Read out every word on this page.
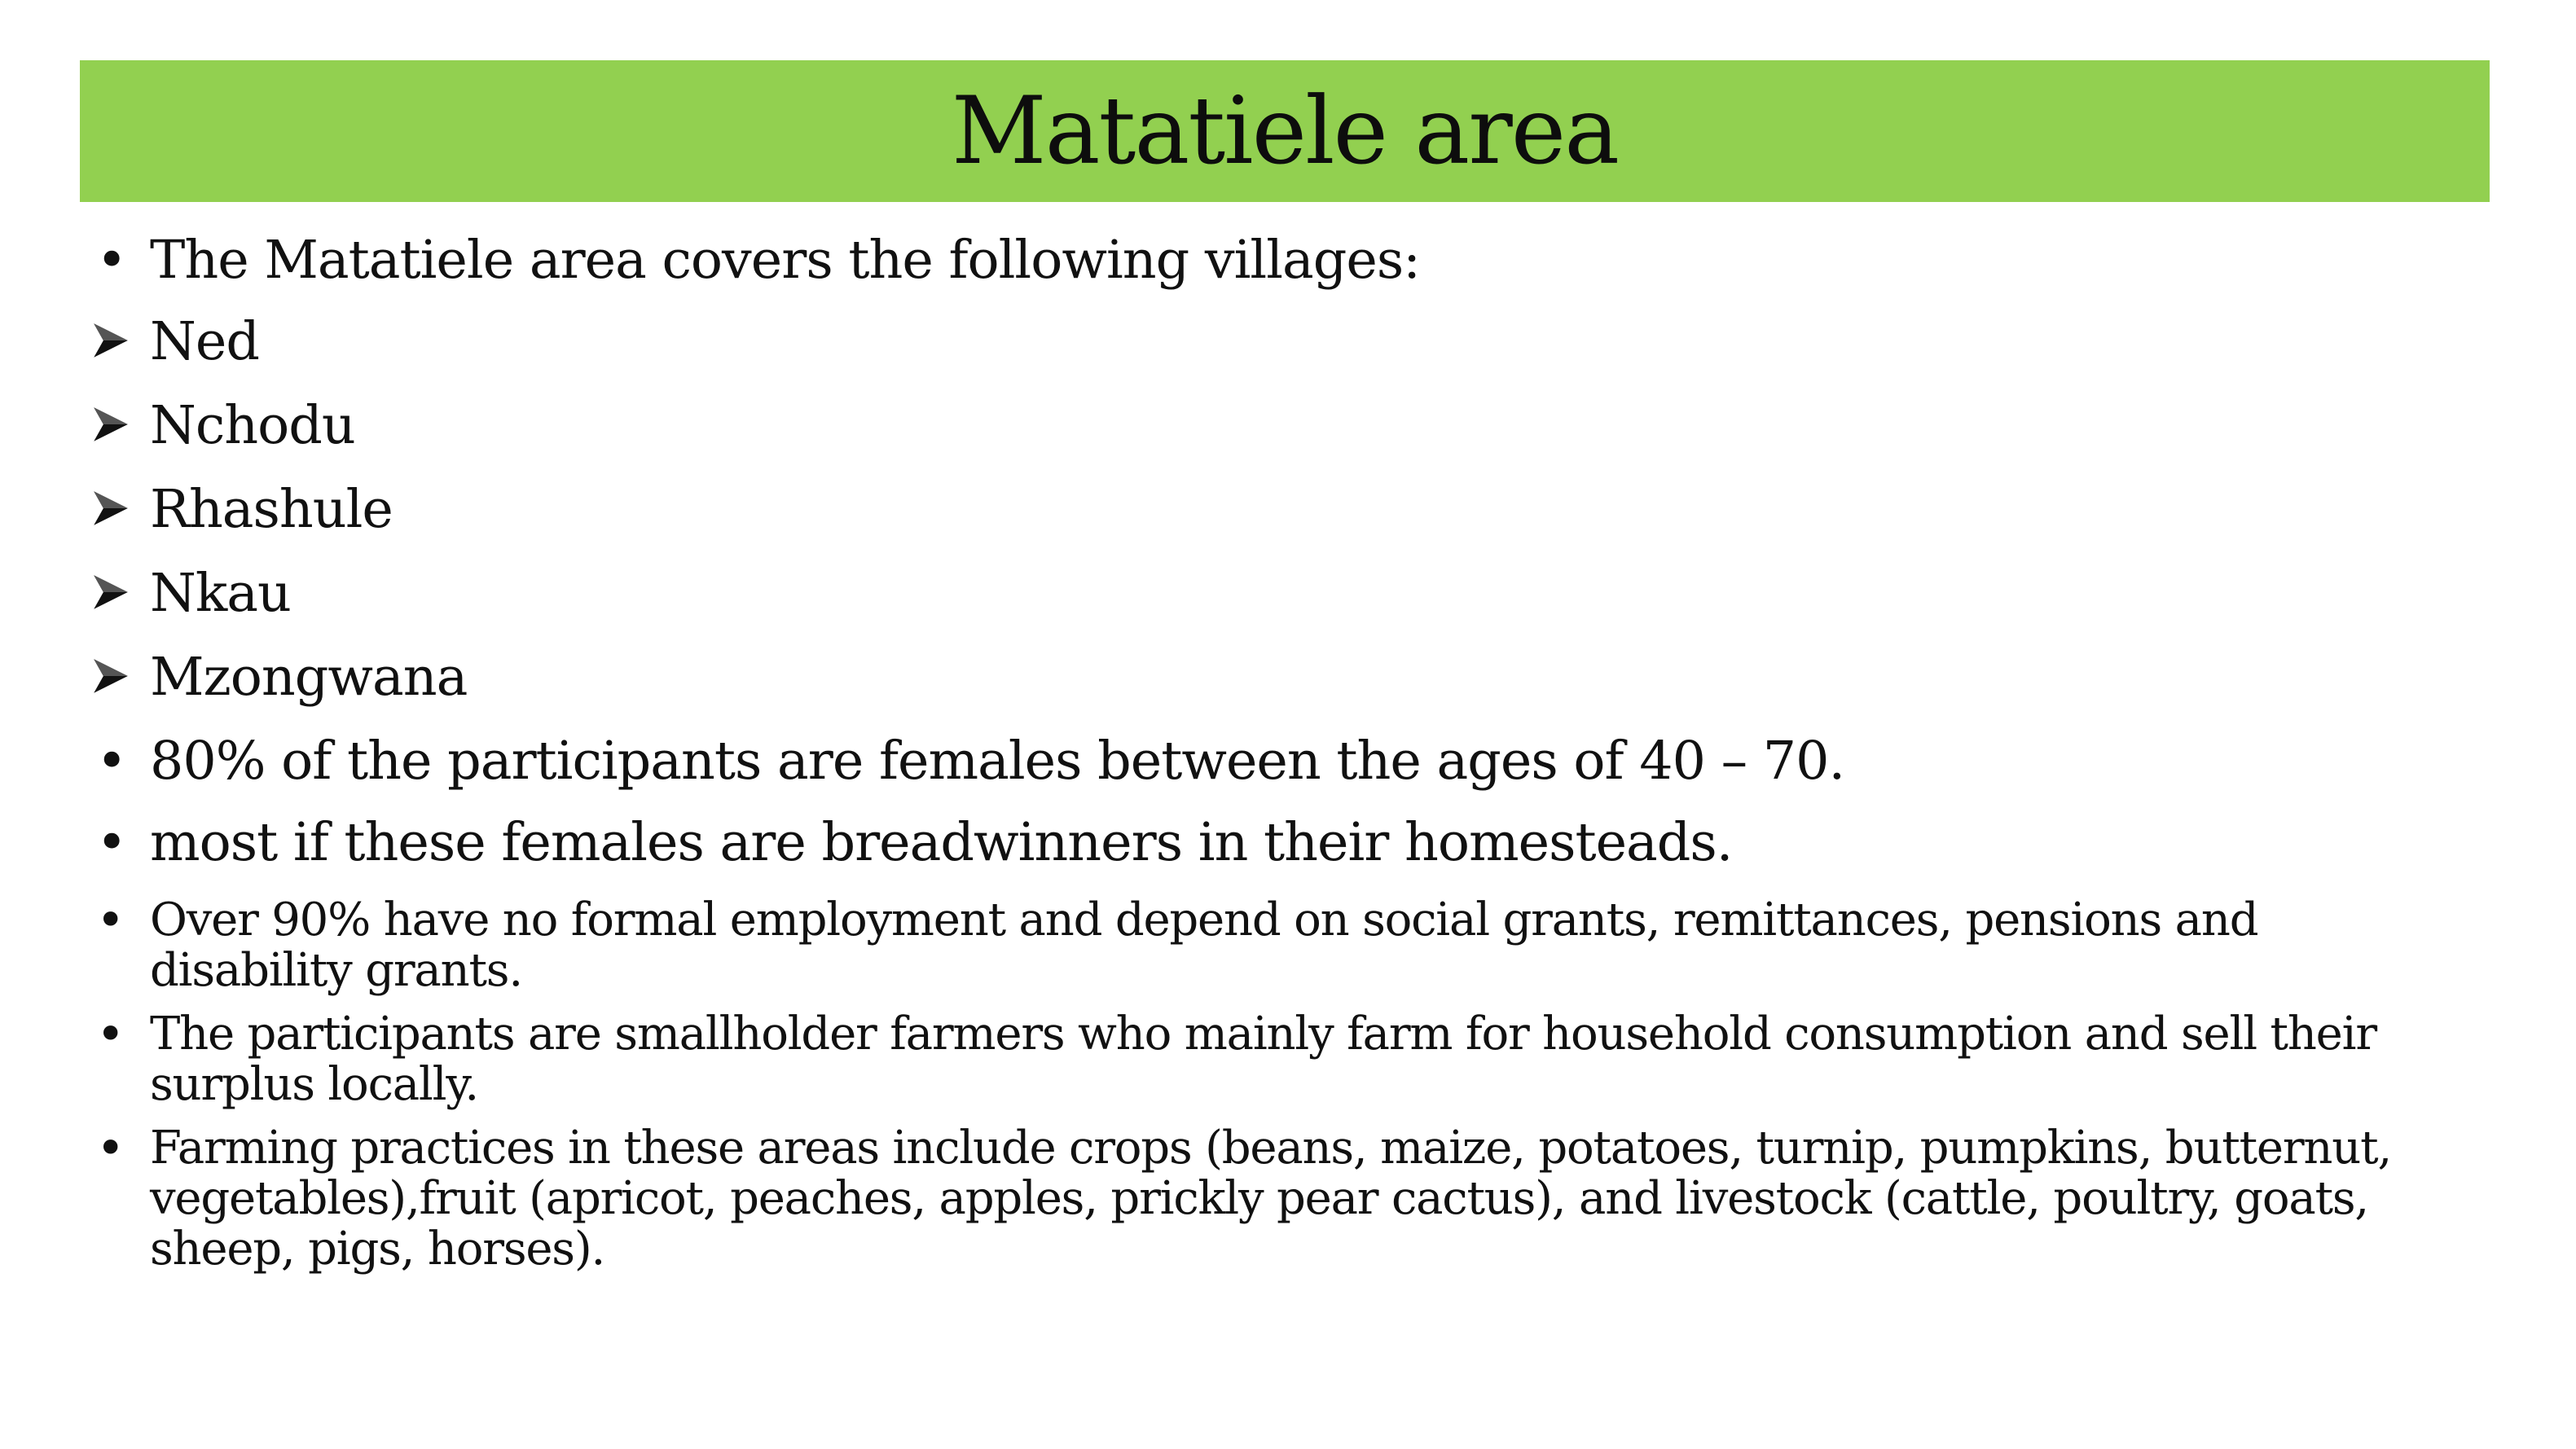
Matatiele area
• The Matatiele area covers the following villages:
Ned
Nchodu
Rhashule
Nkau
Mzongwana
• 80% of the participants are females between the ages of 40 – 70.
• most if these females are breadwinners in their homesteads.
• Over 90% have no formal employment and depend on social grants, remittances, pensions and disability grants.
• The participants are smallholder farmers who mainly farm for household consumption and sell their surplus locally.
• Farming practices in these areas include crops (beans, maize, potatoes, turnip, pumpkins, butternut, vegetables),fruit (apricot, peaches, apples, prickly pear cactus), and livestock (cattle, poultry, goats, sheep, pigs, horses).
